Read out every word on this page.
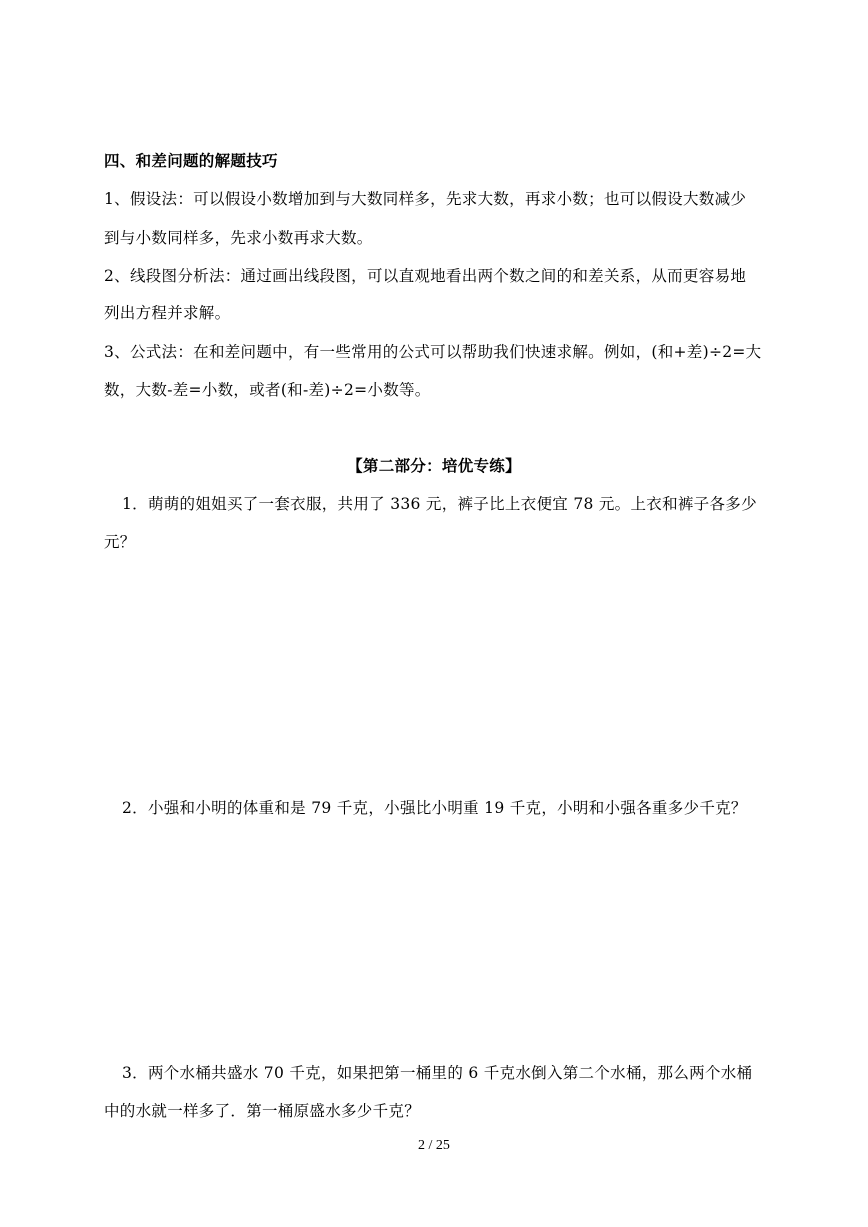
四、和差问题的解题技巧
1、假设法：可以假设小数增加到与大数同样多，先求大数，再求小数；也可以假设大数减少
到与小数同样多，先求小数再求大数。
2、线段图分析法：通过画出线段图，可以直观地看出两个数之间的和差关系，从而更容易地
列出方程并求解。
3、公式法：在和差问题中，有一些常用的公式可以帮助我们快速求解。例如，(和+差)÷2=大
数，大数-差=小数，或者(和-差)÷2=小数等。
【第二部分：培优专练】
1．萌萌的姐姐买了一套衣服，共用了 336 元，裤子比上衣便宜 78 元。上衣和裤子各多少
元？
2．小强和小明的体重和是 79 千克，小强比小明重 19 千克，小明和小强各重多少千克？
3．两个水桶共盛水 70 千克，如果把第一桶里的 6 千克水倒入第二个水桶，那么两个水桶
中的水就一样多了．第一桶原盛水多少千克？
2 / 25
